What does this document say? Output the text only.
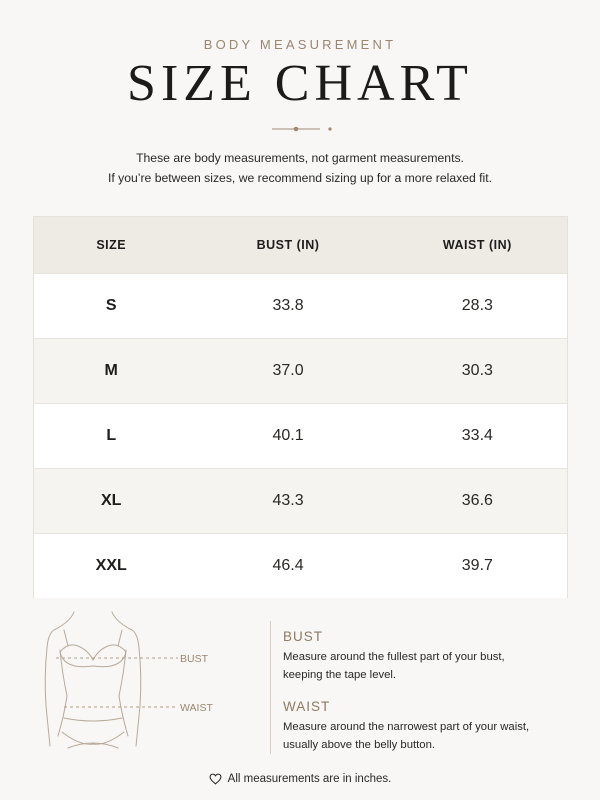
BODY MEASUREMENT
SIZE CHART
These are body measurements, not garment measurements.
If you’re between sizes, we recommend sizing up for a more relaxed fit.
SIZE	BUST (IN)	WAIST (IN)
S	33.8	28.3
M	37.0	30.3
L	40.1	33.4
XL	43.3	36.6
XXL	46.4	39.7
BUST
WAIST
BUST

Measure around the fullest part of your bust,
keeping the tape level.

WAIST

Measure around the narrowest part of your waist,
usually above the belly button.

All measurements are in inches.
